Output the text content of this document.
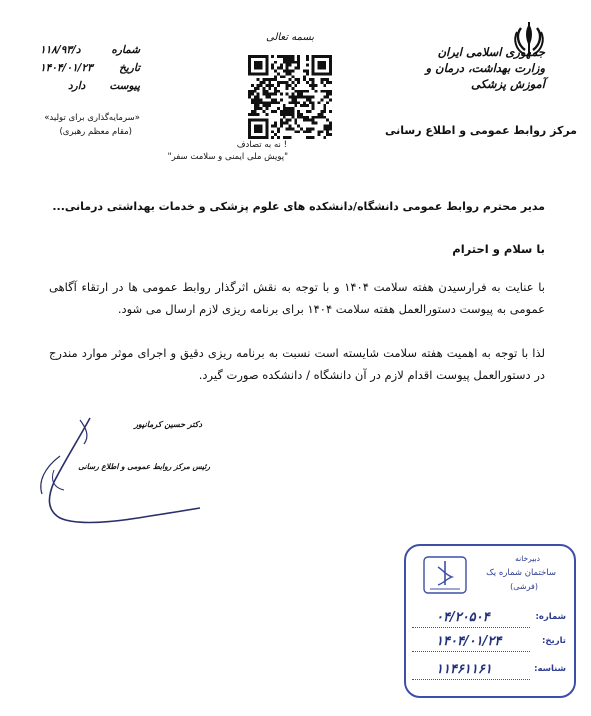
جمهوری اسلامی ایران
وزارت بهداشت، درمان و آموزش پزشکی
مرکز روابط عمومی و اطلاع رسانی
بسمه تعالی
شماره
د/۱۱۸/۹۳
تاریخ
۱۴۰۴/۰۱/۲۳
پیوست
دارد
«سرمایه‌گذاری برای تولید»
(مقام معظم رهبری)
! نه به تصادف
"پویش ملی ایمنی و سلامت سفر"
مدیر محترم روابط عمومی دانشگاه/دانشکده های علوم پزشکی و خدمات بهداشتی درمانی...
با سلام و احترام
با عنایت به فرارسیدن هفته سلامت ۱۴۰۴ و با توجه به نقش اثرگذار روابط عمومی ها در ارتقاء آگاهی عمومی به پیوست دستورالعمل هفته سلامت ۱۴۰۴ برای برنامه ریزی لازم ارسال می شود.
لذا با توجه به اهمیت هفته سلامت شایسته است نسبت به برنامه ریزی دقیق و اجرای موثر موارد مندرج در دستورالعمل پیوست اقدام لازم در آن دانشگاه / دانشکده صورت گیرد.
دکتر حسین کرمانپور
رئیس مرکز روابط عمومی و اطلاع رسانی
دبیرخانه
ساختمان شماره یک
(فرشی)
شماره:
۰۴/۲۰۵۰۴
تاریخ:
۱۴۰۴/۰۱/۲۴
شناسه:
۱۱۴۶۱۱۶۱
